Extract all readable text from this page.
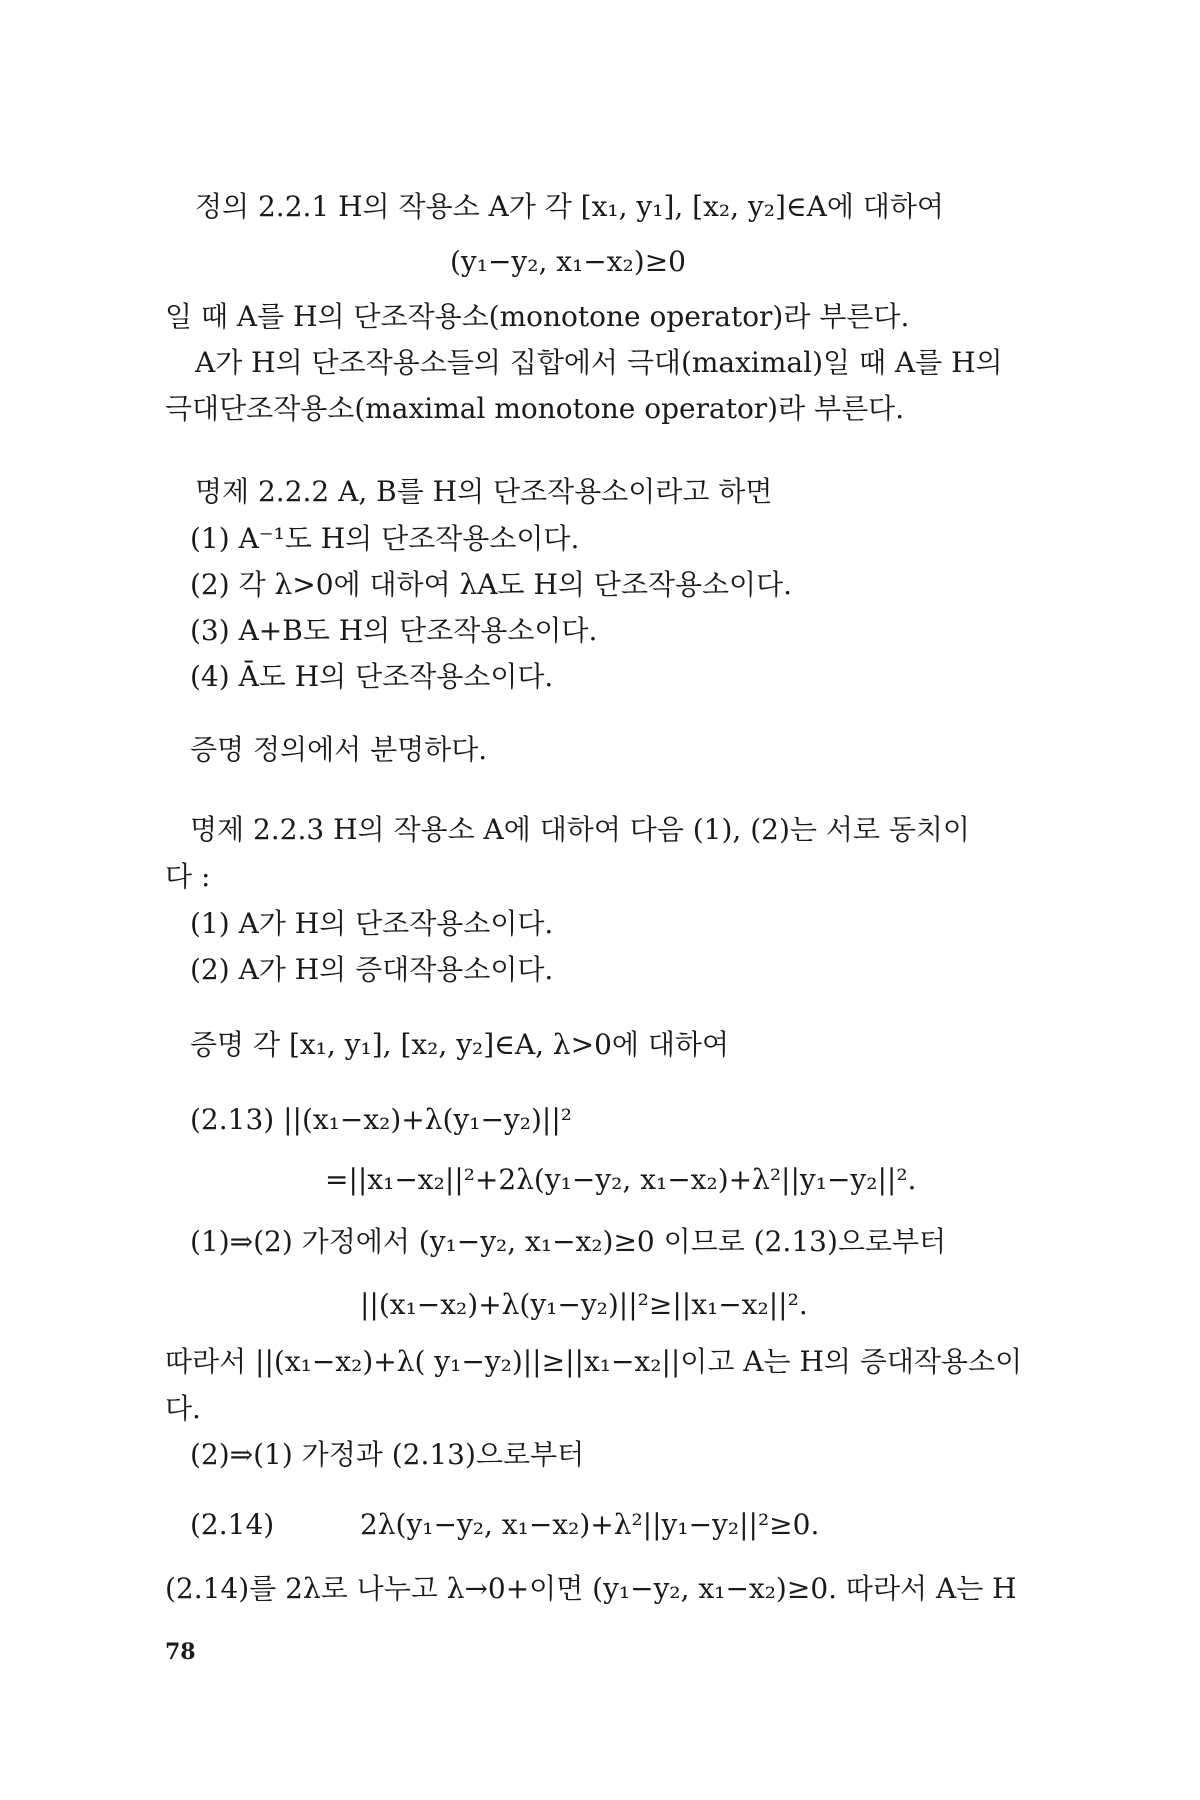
정의 2.2.1 H의 작용소 A가 각 [x₁, y₁], [x₂, y₂]∈A에 대하여
(y₁−y₂, x₁−x₂)≥0
일 때 A를 H의 단조작용소(monotone operator)라 부른다.
A가 H의 단조작용소들의 집합에서 극대(maximal)일 때 A를 H의
극대단조작용소(maximal monotone operator)라 부른다.
명제 2.2.2 A, B를 H의 단조작용소이라고 하면
(1) A⁻¹도 H의 단조작용소이다.
(2) 각 λ>0에 대하여 λA도 H의 단조작용소이다.
(3) A+B도 H의 단조작용소이다.
(4) Ā도 H의 단조작용소이다.
증명 정의에서 분명하다.
명제 2.2.3 H의 작용소 A에 대하여 다음 (1), (2)는 서로 동치이
다 :
(1) A가 H의 단조작용소이다.
(2) A가 H의 증대작용소이다.
증명 각 [x₁, y₁], [x₂, y₂]∈A, λ>0에 대하여
(2.13) ||(x₁−x₂)+λ(y₁−y₂)||²
=||x₁−x₂||²+2λ(y₁−y₂, x₁−x₂)+λ²||y₁−y₂||².
(1)⇒(2) 가정에서 (y₁−y₂, x₁−x₂)≥0 이므로 (2.13)으로부터
||(x₁−x₂)+λ(y₁−y₂)||²≥||x₁−x₂||².
따라서 ||(x₁−x₂)+λ( y₁−y₂)||≥||x₁−x₂||이고 A는 H의 증대작용소이
다.
(2)⇒(1) 가정과 (2.13)으로부터
(2.14)	2λ(y₁−y₂, x₁−x₂)+λ²||y₁−y₂||²≥0.
(2.14)를 2λ로 나누고 λ→0+이면 (y₁−y₂, x₁−x₂)≥0. 따라서 A는 H
78
